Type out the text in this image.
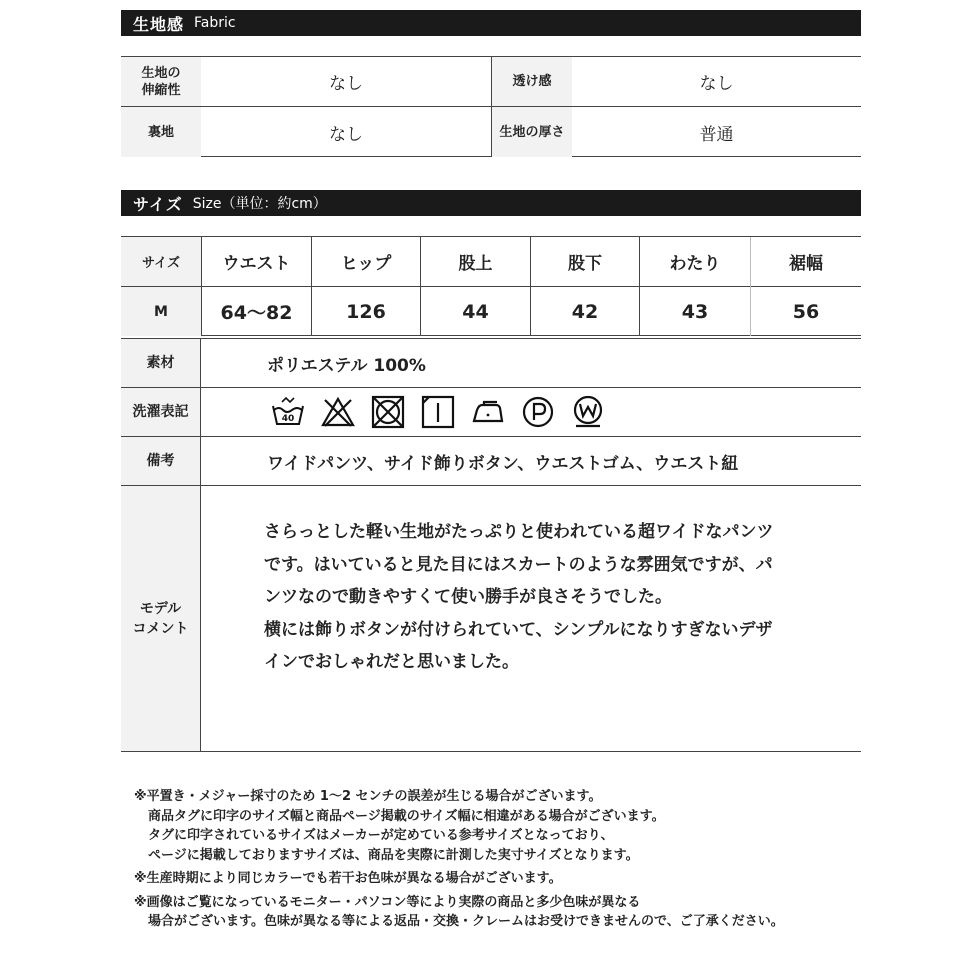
生地感 Fabric
生地の
伸縮性	なし	透け感	なし
裏地	なし	生地の厚さ	普通
サイズ Size（単位：約cm）
サイズ	ウエスト	ヒップ	股上	股下	わたり	裾幅
M	64〜82	126	44	42	43	56
素材	ポリエステル 100%
洗濯表記	40
備考	ワイドパンツ、サイド飾りボタン、ウエストゴム、ウエスト紐
モデル
コメント

さらっとした軽い生地がたっぷりと使われている超ワイドなパンツ

です。はいていると見た目にはスカートのような雰囲気ですが、パ

ンツなので動きやすくて使い勝手が良さそうでした。

横には飾りボタンが付けられていて、シンプルになりすぎないデザ

インでおしゃれだと思いました。

※平置き・メジャー採寸のため 1〜2 センチの誤差が生じる場合がございます。

商品タグに印字のサイズ幅と商品ページ掲載のサイズ幅に相違がある場合がございます。

タグに印字されているサイズはメーカーが定めている参考サイズとなっており、

ページに掲載しておりますサイズは、商品を実際に計測した実寸サイズとなります。

※生産時期により同じカラーでも若干お色味が異なる場合がございます。

※画像はご覧になっているモニター・パソコン等により実際の商品と多少色味が異なる

場合がございます。色味が異なる等による返品・交換・クレームはお受けできませんので、ご了承ください。
